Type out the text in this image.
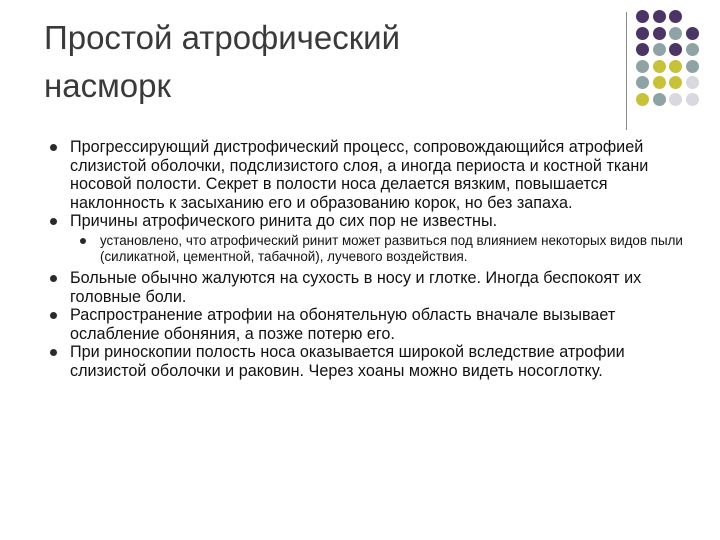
Простой атрофический
насморк
Прогрессирующий дистрофический процесс, сопровождающийся атрофией слизистой оболочки, подслизистого слоя, а иногда периоста и костной ткани носовой полости. Секрет в полости носа делается вязким, повышается наклонность к засыханию его и образованию корок, но без запаха.
Причины атрофического ринита до сих пор не известны.
установлено, что атрофический ринит может развиться под влиянием некоторых видов пыли (силикатной, цементной, табачной), лучевого воздействия.
Больные обычно жалуются на сухость в носу и глотке. Иногда беспокоят их головные боли.
Распространение атрофии на обонятельную область вначале вызывает ослабление обоняния, а позже потерю его.
При риноскопии полость носа оказывается широкой вследствие атрофии слизистой оболочки и раковин. Через хоаны можно видеть носоглотку.
